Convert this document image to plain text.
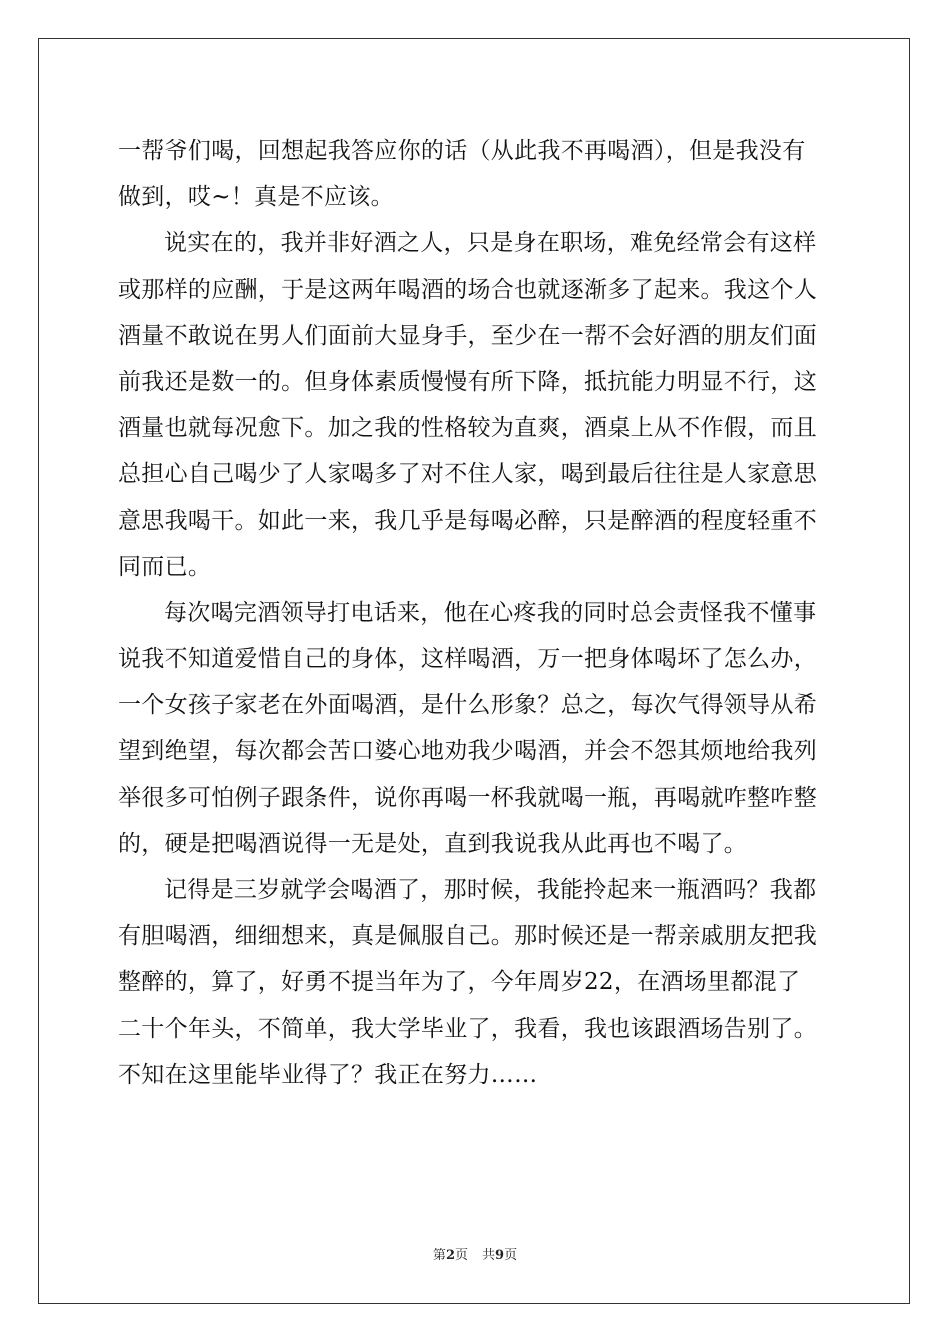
一帮爷们喝，回想起我答应你的话（从此我不再喝酒），但是我没有
做到，哎~！真是不应该。
说实在的，我并非好酒之人，只是身在职场，难免经常会有这样
或那样的应酬，于是这两年喝酒的场合也就逐渐多了起来。我这个人
酒量不敢说在男人们面前大显身手，至少在一帮不会好酒的朋友们面
前我还是数一的。但身体素质慢慢有所下降，抵抗能力明显不行，这
酒量也就每况愈下。加之我的性格较为直爽，酒桌上从不作假，而且
总担心自己喝少了人家喝多了对不住人家，喝到最后往往是人家意思
意思我喝干。如此一来，我几乎是每喝必醉，只是醉酒的程度轻重不
同而已。
每次喝完酒领导打电话来，他在心疼我的同时总会责怪我不懂事
说我不知道爱惜自己的身体，这样喝酒，万一把身体喝坏了怎么办，
一个女孩子家老在外面喝酒，是什么形象？总之，每次气得领导从希
望到绝望，每次都会苦口婆心地劝我少喝酒，并会不怨其烦地给我列
举很多可怕例子跟条件，说你再喝一杯我就喝一瓶，再喝就咋整咋整
的，硬是把喝酒说得一无是处，直到我说我从此再也不喝了。
记得是三岁就学会喝酒了，那时候，我能拎起来一瓶酒吗？我都
有胆喝酒，细细想来，真是佩服自己。那时候还是一帮亲戚朋友把我
整醉的，算了，好勇不提当年为了，今年周岁22，在酒场里都混了
二十个年头，不简单，我大学毕业了，我看，我也该跟酒场告别了。
不知在这里能毕业得了？我正在努力……
第2页 共9页
